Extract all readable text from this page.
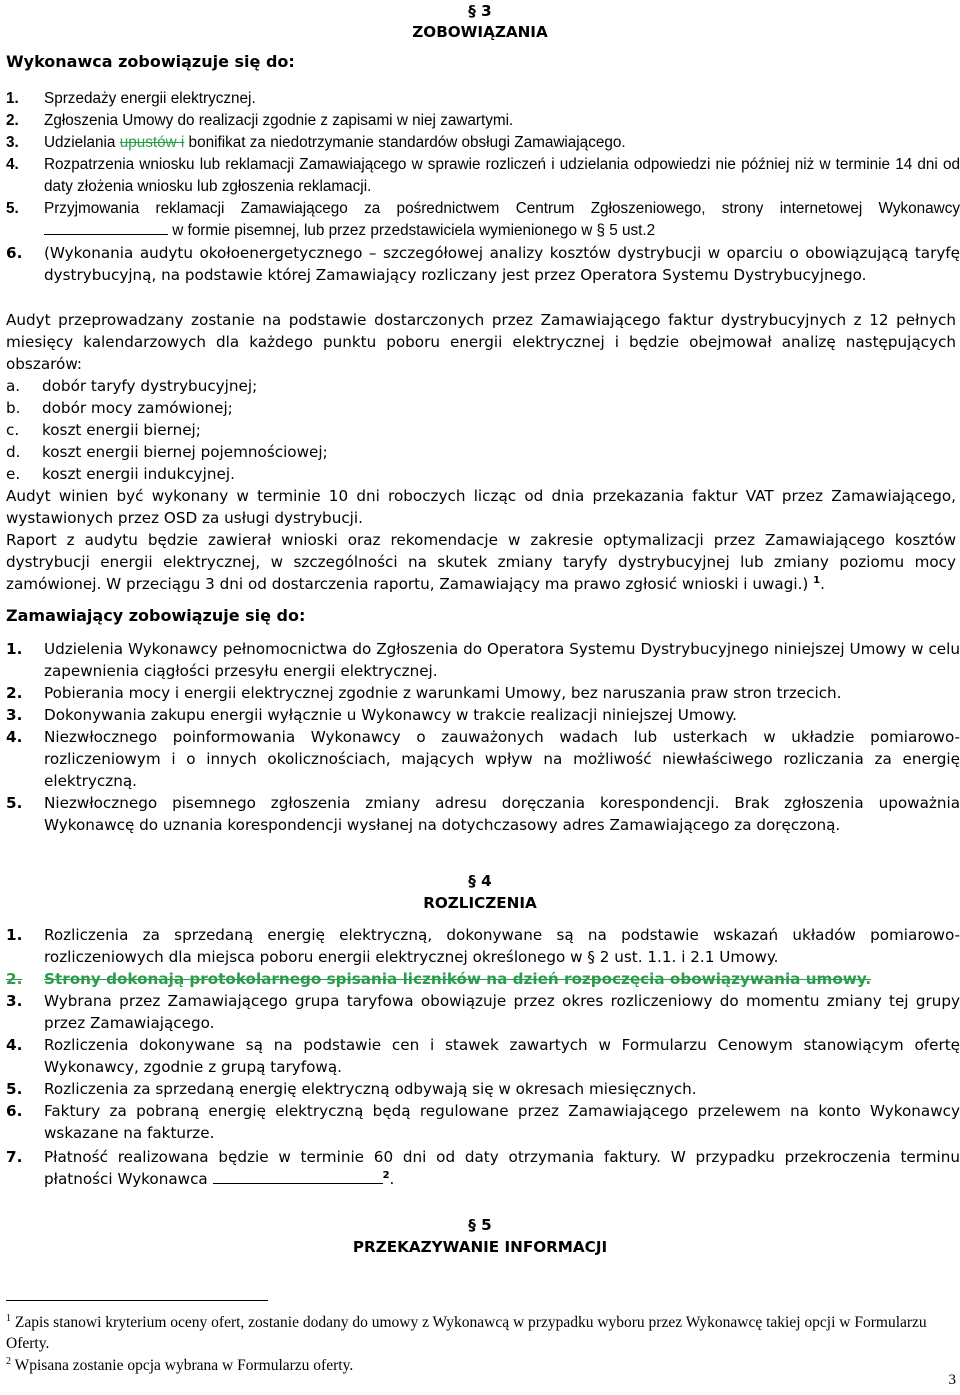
§ 3
ZOBOWIĄZANIA
Wykonawca zobowiązuje się do:
1. Sprzedaży energii elektrycznej.
2. Zgłoszenia Umowy do realizacji zgodnie z zapisami w niej zawartymi.
3. Udzielania upustów i bonifikat za niedotrzymanie standardów obsługi Zamawiającego.
4. Rozpatrzenia wniosku lub reklamacji Zamawiającego w sprawie rozliczeń i udzielania odpowiedzi nie później niż w terminie 14 dni od daty złożenia wniosku lub zgłoszenia reklamacji.
5. Przyjmowania reklamacji Zamawiającego za pośrednictwem Centrum Zgłoszeniowego, strony internetowej Wykonawcy  w formie pisemnej, lub przez przedstawiciela wymienionego w § 5 ust.2
6. (Wykonania audytu okołoenergetycznego – szczegółowej analizy kosztów dystrybucji w oparciu o obowiązującą taryfę dystrybucyjną, na podstawie której Zamawiający rozliczany jest przez Operatora Systemu Dystrybucyjnego.
Audyt przeprowadzany zostanie na podstawie dostarczonych przez Zamawiającego faktur dystrybucyjnych z 12 pełnych miesięcy kalendarzowych dla każdego punktu poboru energii elektrycznej i będzie obejmował analizę następujących obszarów:
a. dobór taryfy dystrybucyjnej;
b. dobór mocy zamówionej;
c. koszt energii biernej;
d. koszt energii biernej pojemnościowej;
e. koszt energii indukcyjnej.
Audyt winien być wykonany w terminie 10 dni roboczych licząc od dnia przekazania faktur VAT przez Zamawiającego, wystawionych przez OSD za usługi dystrybucji.
Raport z audytu będzie zawierał wnioski oraz rekomendacje w zakresie optymalizacji przez Zamawiającego kosztów dystrybucji energii elektrycznej, w szczególności na skutek zmiany taryfy dystrybucyjnej lub zmiany poziomu mocy zamówionej. W przeciągu 3 dni od dostarczenia raportu, Zamawiający ma prawo zgłosić wnioski i uwagi.) $^1$.
Zamawiający zobowiązuje się do:
1. Udzielenia Wykonawcy pełnomocnictwa do Zgłoszenia do Operatora Systemu Dystrybucyjnego niniejszej Umowy w celu zapewnienia ciągłości przesyłu energii elektrycznej.
2. Pobierania mocy i energii elektrycznej zgodnie z warunkami Umowy, bez naruszania praw stron trzecich.
3. Dokonywania zakupu energii wyłącznie u Wykonawcy w trakcie realizacji niniejszej Umowy.
4. Niezwłocznego poinformowania Wykonawcy o zauważonych wadach lub usterkach w układzie pomiarowo-rozliczeniowym i o innych okolicznościach, mających wpływ na możliwość niewłaściwego rozliczania za energię elektryczną.
5. Niezwłocznego pisemnego zgłoszenia zmiany adresu doręczania korespondencji. Brak zgłoszenia upoważnia Wykonawcę do uznania korespondencji wysłanej na dotychczasowy adres Zamawiającego za doręczoną.
§ 4
ROZLICZENIA
1. Rozliczenia za sprzedaną energię elektryczną, dokonywane są na podstawie wskazań układów pomiarowo-rozliczeniowych dla miejsca poboru energii elektrycznej określonego w § 2 ust. 1.1. i 2.1 Umowy.
2. Strony dokonają protokolarnego spisania liczników na dzień rozpoczęcia obowiązywania umowy.
3. Wybrana przez Zamawiającego grupa taryfowa obowiązuje przez okres rozliczeniowy do momentu zmiany tej grupy przez Zamawiającego.
4. Rozliczenia dokonywane są na podstawie cen i stawek zawartych w Formularzu Cenowym stanowiącym ofertę Wykonawcy, zgodnie z grupą taryfową.
5. Rozliczenia za sprzedaną energię elektryczną odbywają się w okresach miesięcznych.
6. Faktury za pobraną energię elektryczną będą regulowane przez Zamawiającego przelewem na konto Wykonawcy wskazane na fakturze.
7. Płatność realizowana będzie w terminie 60 dni od daty otrzymania faktury. W przypadku przekroczenia terminu płatności Wykonawca	$^2$.
§ 5
PRZEKAZYWANIE INFORMACJI
$^1$ Zapis stanowi kryterium oceny ofert, zostanie dodany do umowy z Wykonawcą w przypadku wyboru przez Wykonawcę takiej opcji w Formularzu Oferty.
$^2$ Wpisana zostanie opcja wybrana w Formularzu oferty.
3
